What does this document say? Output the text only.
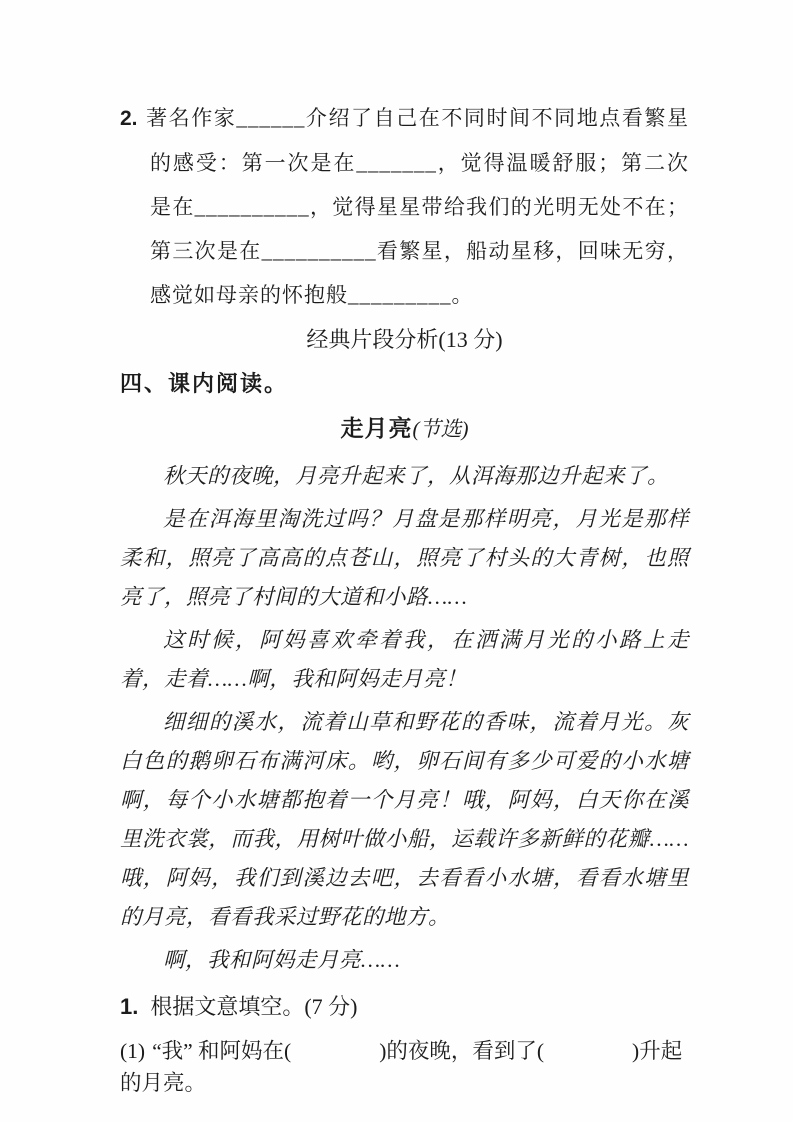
2. 著名作家______介绍了自己在不同时间不同地点看繁星的感受：第一次是在_______，觉得温暖舒服；第二次是在__________，觉得星星带给我们的光明无处不在；第三次是在__________看繁星，船动星移，回味无穷，感觉如母亲的怀抱般_________。
经典片段分析(13 分)
四、课内阅读。
走月亮(节选)

秋天的夜晚，月亮升起来了，从洱海那边升起来了。

是在洱海里淘洗过吗？月盘是那样明亮，月光是那样柔和，照亮了高高的点苍山，照亮了村头的大青树，也照亮了，照亮了村间的大道和小路……

这时候，阿妈喜欢牵着我，在洒满月光的小路上走着，走着……啊，我和阿妈走月亮！

细细的溪水，流着山草和野花的香味，流着月光。灰白色的鹅卵石布满河床。哟，卵石间有多少可爱的小水塘啊，每个小水塘都抱着一个月亮！哦，阿妈，白天你在溪里洗衣裳，而我，用树叶做小船，运载许多新鲜的花瓣……哦，阿妈，我们到溪边去吧，去看看小水塘，看看水塘里的月亮，看看我采过野花的地方。

啊，我和阿妈走月亮……

1. 根据文意填空。(7 分)
(1) “我” 和阿妈在(	)的夜晚，看到了(	)升起的月亮。
